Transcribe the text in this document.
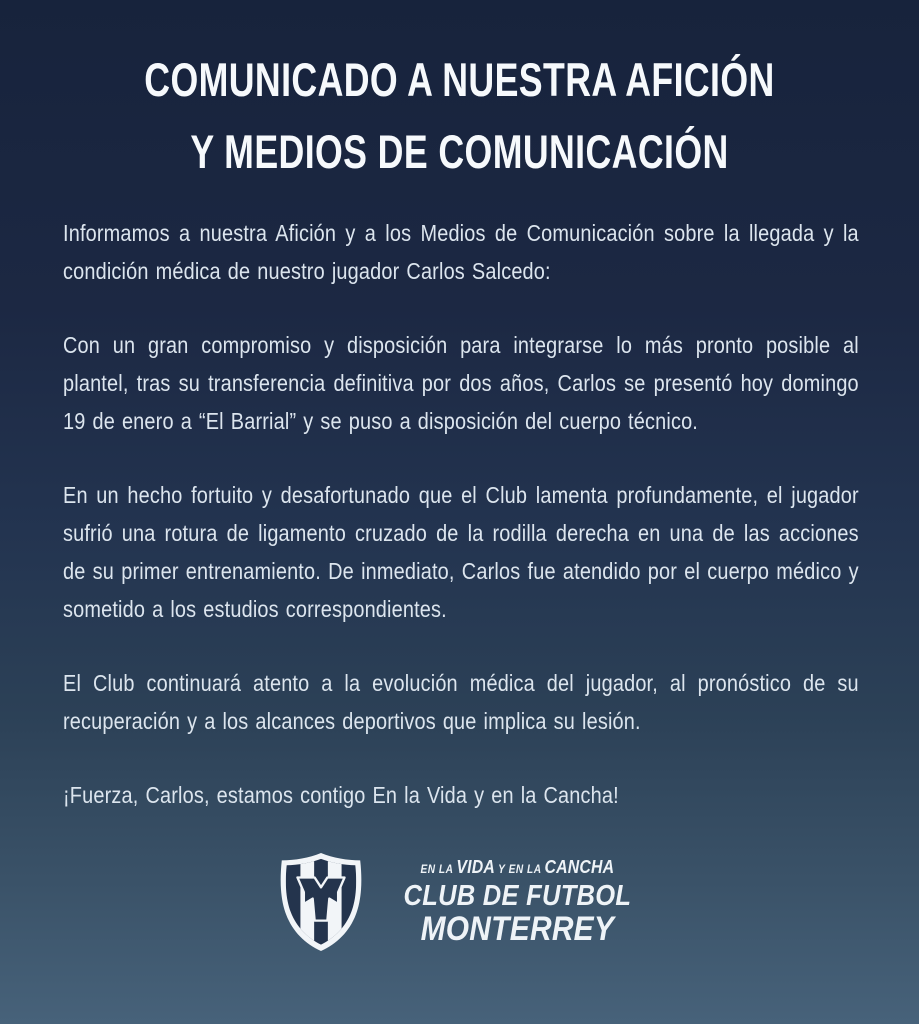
COMUNICADO A NUESTRA AFICIÓN
Y MEDIOS DE COMUNICACIÓN

Informamos a nuestra Afición y a los Medios de Comunicación sobre la llegada y la condición médica de nuestro jugador Carlos Salcedo:

Con un gran compromiso y disposición para integrarse lo más pronto posible al plantel, tras su transferencia definitiva por dos años, Carlos se presentó hoy domingo 19 de enero a “El Barrial” y se puso a disposición del cuerpo técnico.

En un hecho fortuito y desafortunado que el Club lamenta profundamente, el jugador sufrió una rotura de ligamento cruzado de la rodilla derecha en una de las acciones de su primer entrenamiento. De inmediato, Carlos fue atendido por el cuerpo médico y sometido a los estudios correspondientes.

El Club continuará atento a la evolución médica del jugador, al pronóstico de su recuperación y a los alcances deportivos que implica su lesión.

¡Fuerza, Carlos, estamos contigo En la Vida y en la Cancha!

EN LA VIDA Y EN LA CANCHA
CLUB DE FUTBOL
MONTERREY
